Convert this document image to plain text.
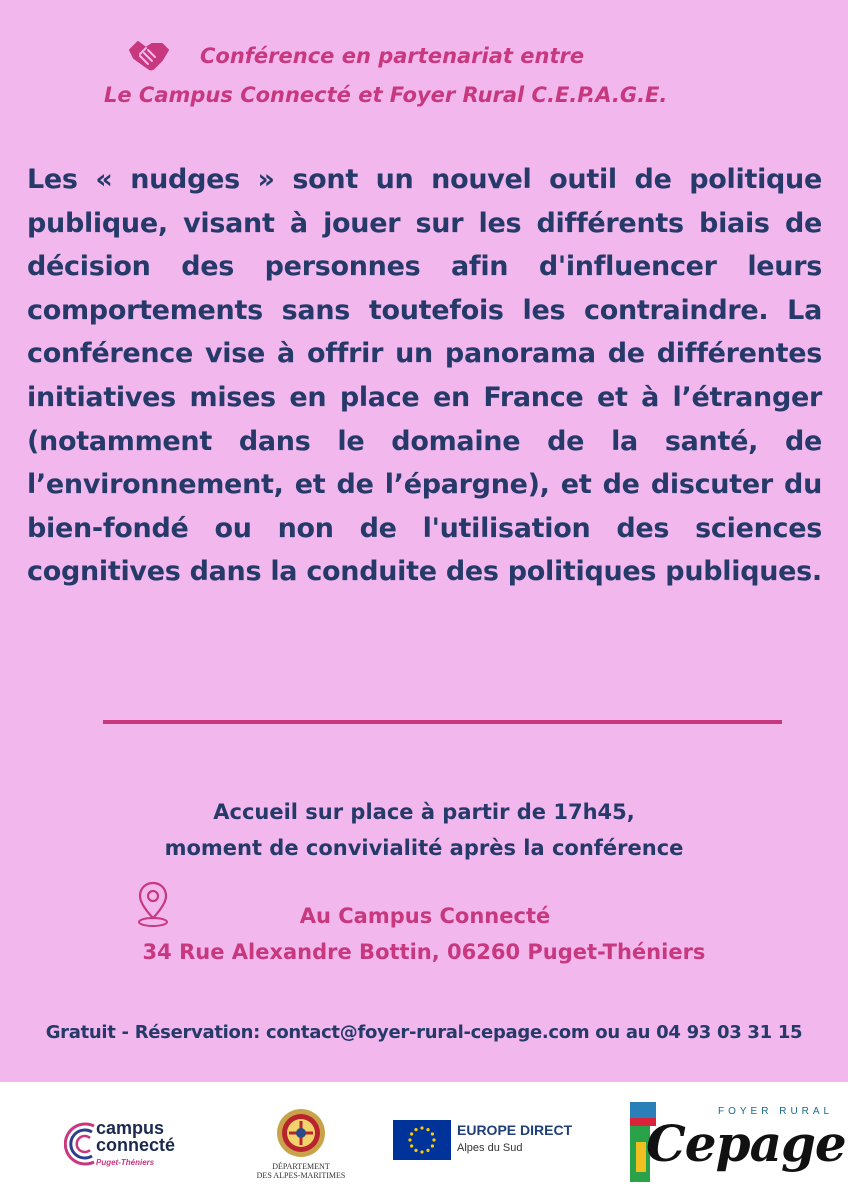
Conférence en partenariat entre
Le Campus Connecté et Foyer Rural C.E.P.A.G.E.
Les « nudges » sont un nouvel outil de politique publique, visant à jouer sur les différents biais de décision des personnes afin d'influencer leurs comportements sans toutefois les contraindre. La conférence vise à offrir un panorama de différentes initiatives mises en place en France et à l’étranger (notamment dans le domaine de la santé, de l’environnement, et de l’épargne), et de discuter du bien-fondé ou non de l'utilisation des sciences cognitives dans la conduite des politiques publiques.
Accueil sur place à partir de 17h45,
moment de convivialité après la conférence
Au Campus Connecté
34 Rue Alexandre Bottin, 06260 Puget-Théniers
Gratuit - Réservation: contact@foyer-rural-cepage.com ou au 04 93 03 31 15
campus
connecté
Puget-Théniers	DÉPARTEMENT
DES ALPES-MARITIMES
EUROPE DIRECT
Alpes du Sud
FOYER RURAL
Cepage
